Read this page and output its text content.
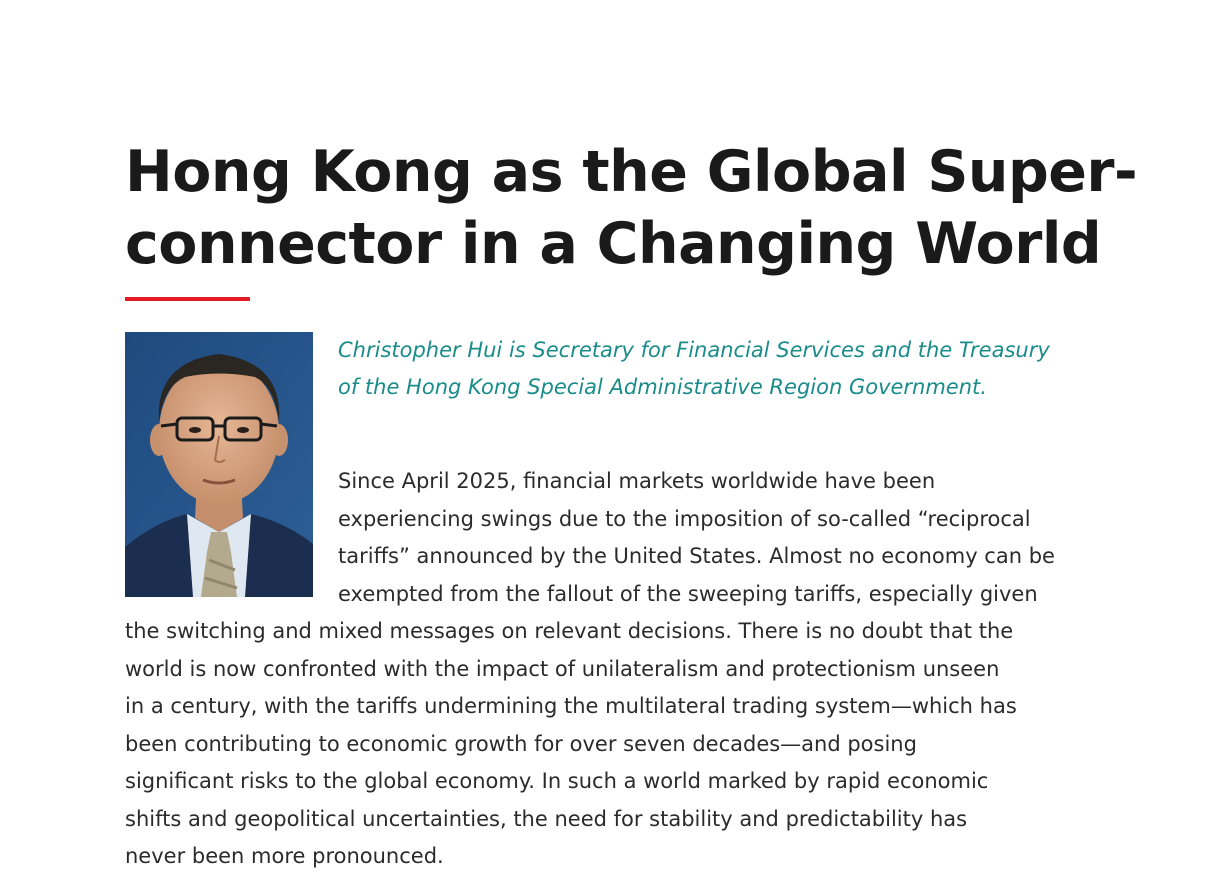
Hong Kong as the Global Super-
connector in a Changing World

Christopher Hui is Secretary for Financial Services and the Treasury
of the Hong Kong Special Administrative Region Government.

Since April 2025, financial markets worldwide have been
experiencing swings due to the imposition of so-called “reciprocal
tariffs” announced by the United States. Almost no economy can be
exempted from the fallout of the sweeping tariffs, especially given
the switching and mixed messages on relevant decisions. There is no doubt that the
world is now confronted with the impact of unilateralism and protectionism unseen
in a century, with the tariffs undermining the multilateral trading system—which has
been contributing to economic growth for over seven decades—and posing
significant risks to the global economy. In such a world marked by rapid economic
shifts and geopolitical uncertainties, the need for stability and predictability has
never been more pronounced.
